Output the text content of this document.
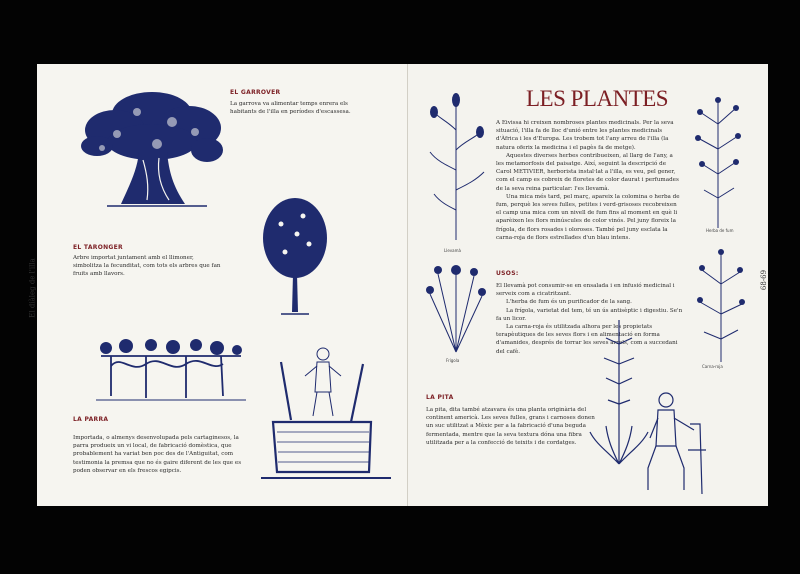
El diàleg de l'illa
EL GARROVER
La garrova va alimentar temps enrera els habitants de l'illa en períodes d'escassesa.
EL TARONGER
Arbre importat juntament amb el llimoner, simbolitza la fecunditat, com tots els arbres que fan fruits amb llavors.
LA PARRA
Importada, o almenys desenvolupada pels cartaginesos, la parra produeix un vi local, de fabricació domèstica, que probablement ha variat ben poc des de l'Antiguitat, com testimonia la premsa que no és gaire diferent de les que es poden observar en els frescos egipcis.
68-69
LES PLANTES
Llevamà
Herba de fum

A Eivissa hi creixen nombroses plantes medicinals. Per la seva situació, l'illa fa de lloc d'unió entre les plantes medicinals d'Àfrica i les d'Europa. Les trobem tot l'any arreu de l'illa (la natura oferix la medicina i el pagès fa de metge).

Aquestes diverses herbes contribueixen, al llarg de l'any, a les metamorfosis del paisatge. Així, seguint la descripció de Carol METIVIER, herborista instal·lat a l'illa, es veu, pel gener, com el camp es cobreix de floretes de color daurat i perfumades de la seva reina particular: l'es llevamà.

Una mica més tard, pel març, apareix la colomina o herba de fum, perquè les seves fulles, petites i verd-grisoses recobreixen el camp una mica com un nivell de fum fins al moment en què li aparèixen les flors minúscules de color vinós. Pel juny floreix la frígola, de flors rosades i oloroses. També pel juny esclata la carna-roja de flors estrellades d'un blau intens.

Frígola
Carna-roja
USOS:

El llevamà pot consumir-se en ensalada i en infusió medicinal i serveix com a cicatritzant.

L'herba de fum és un purificador de la sang.

La frígola, varietat del tem, té un ús antisèptic i digestiu. Se'n fa un licor.

La carna-roja és utilitzada alhora per les propietats terapèutiques de les seves flors i en alimentació en forma d'amanides, després de torrar les seves arrels, com a succedani del cafè.

LA PITA
La pita, dita també atzavara és una planta originària del continent americà. Les seves fulles, grans i carnoses donen un suc utilitzat a Mèxic per a la fabricació d'una beguda fermentada, mentre que la seva textura dóna una fibra utilitzada per a la confecció de teixits i de cordatges.
